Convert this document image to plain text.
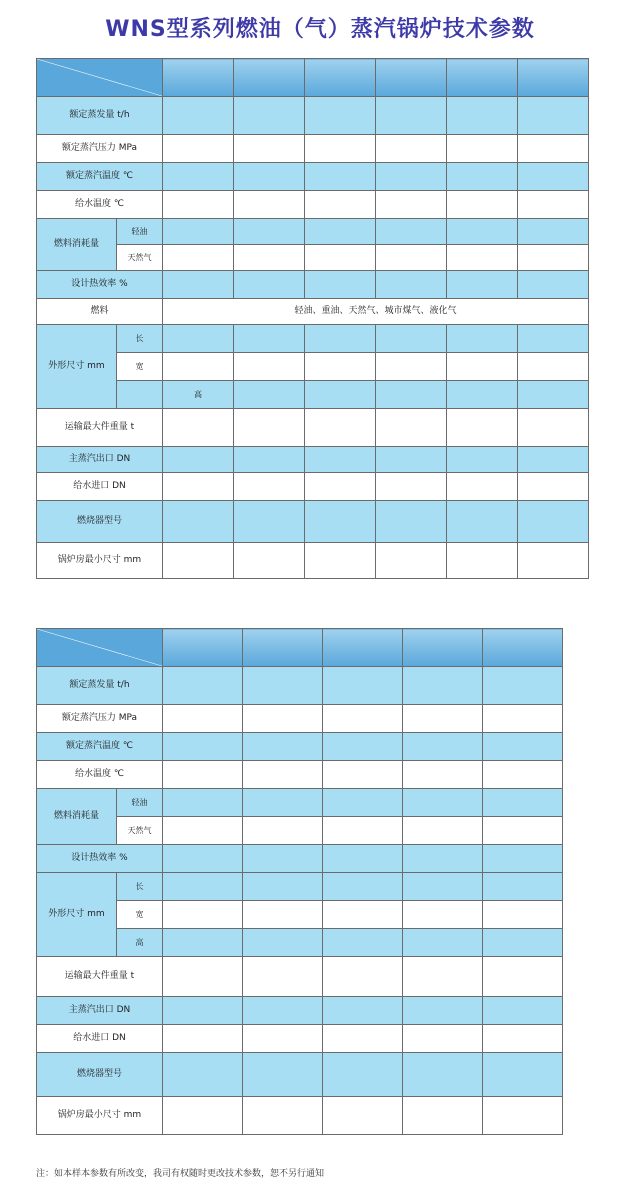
WNS型系列燃油（气）蒸汽锅炉技术参数

额定蒸发量 t/h								
额定蒸汽压力 MPa								
额定蒸汽温度 ℃								
给水温度 ℃								
燃料消耗量	轻油							
	天然气							
设计热效率 %								
燃料		轻油、重油、天然气、城市煤气、液化气						
外形尺寸 mm	长							
	宽							
		高						
运输最大件重量 t								
主蒸汽出口 DN								
给水进口 DN								
燃烧器型号								
锅炉房最小尺寸 mm								

额定蒸发量 t/h						
额定蒸汽压力 MPa						
额定蒸汽温度 ℃						
给水温度 ℃						
燃料消耗量	轻油					
	天然气					
设计热效率 %						
外形尺寸 mm	长					
	宽					
	高					
运输最大件重量 t						
主蒸汽出口 DN						
给水进口 DN						
燃烧器型号						
锅炉房最小尺寸 mm						
注：如本样本参数有所改变，我司有权随时更改技术参数，恕不另行通知
